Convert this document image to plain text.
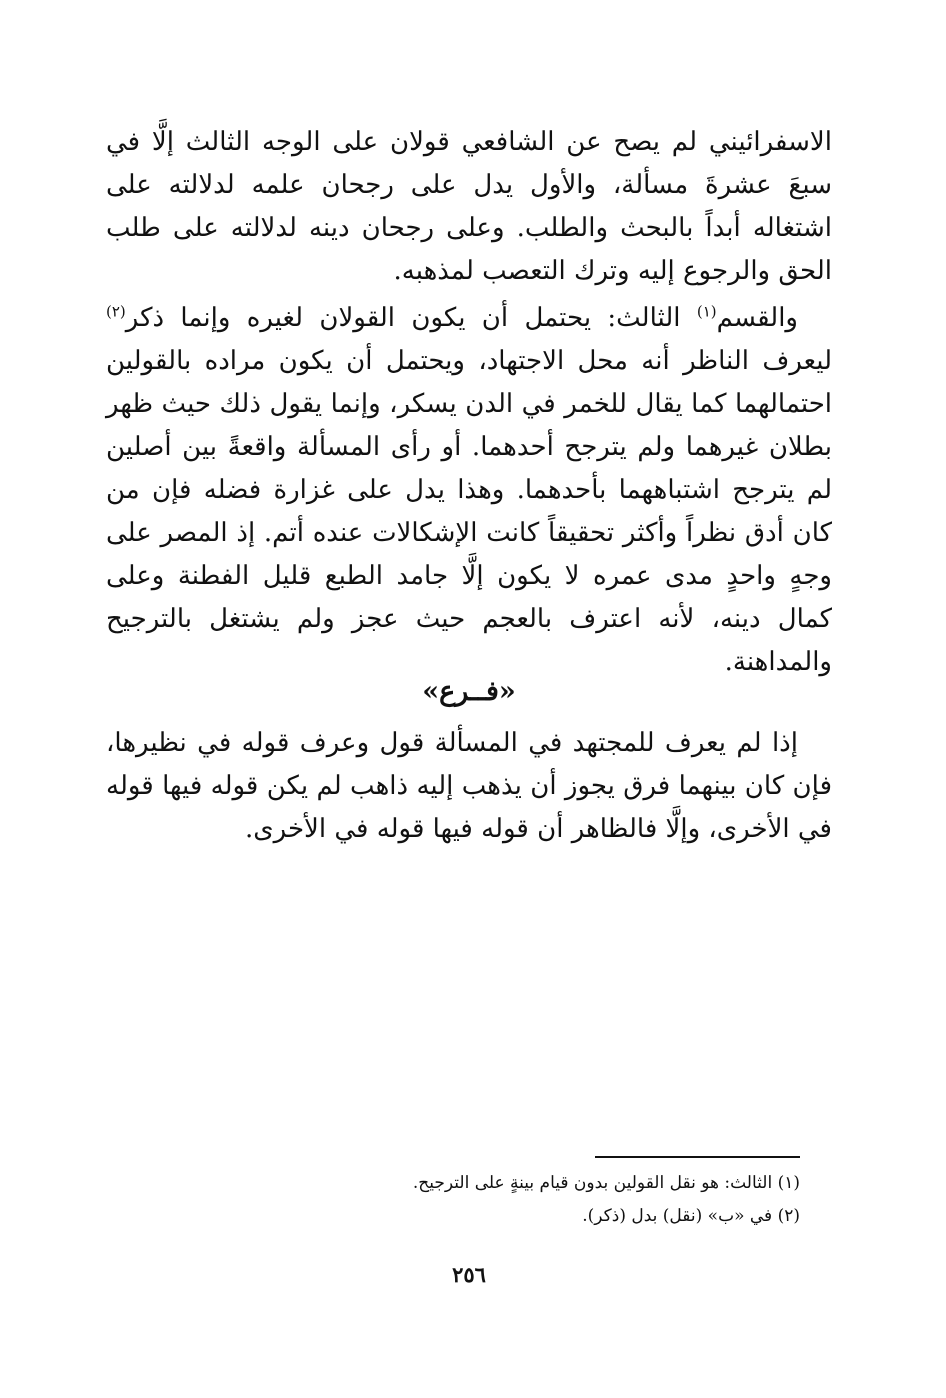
الاسفرائيني لم يصح عن الشافعي قولان على الوجه الثالث إلَّا في سبعَ عشرةَ مسألة، والأول يدل على رجحان علمه لدلالته على اشتغاله أبداً بالبحث والطلب. وعلى رجحان دينه لدلالته على طلب الحق والرجوع إليه وترك التعصب لمذهبه.

والقسم$^{(١)}$ الثالث: يحتمل أن يكون القولان لغيره وإنما ذكر$^{(٢)}$ ليعرف الناظر أنه محل الاجتهاد، ويحتمل أن يكون مراده بالقولين احتمالهما كما يقال للخمر في الدن يسكر، وإنما يقول ذلك حيث ظهر بطلان غيرهما ولم يترجح أحدهما. أو رأى المسألة واقعةً بين أصلين لم يترجح اشتباههما بأحدهما. وهذا يدل على غزارة فضله فإن من كان أدق نظراً وأكثر تحقيقاً كانت الإشكالات عنده أتم. إذ المصر على وجهٍ واحدٍ مدى عمره لا يكون إلَّا جامد الطبع قليل الفطنة وعلى كمال دينه، لأنه اعترف بالعجم حيث عجز ولم يشتغل بالترجيح والمداهنة.

«فــرع»

إذا لم يعرف للمجتهد في المسألة قول وعرف قوله في نظيرها، فإن كان بينهما فرق يجوز أن يذهب إليه ذاهب لم يكن قوله فيها قوله في الأخرى، وإلَّا فالظاهر أن قوله فيها قوله في الأخرى.

(١) الثالث: هو نقل القولين بدون قيام بينةٍ على الترجيح.

(٢) في «ب» (نقل) بدل (ذكر).

٢٥٦
